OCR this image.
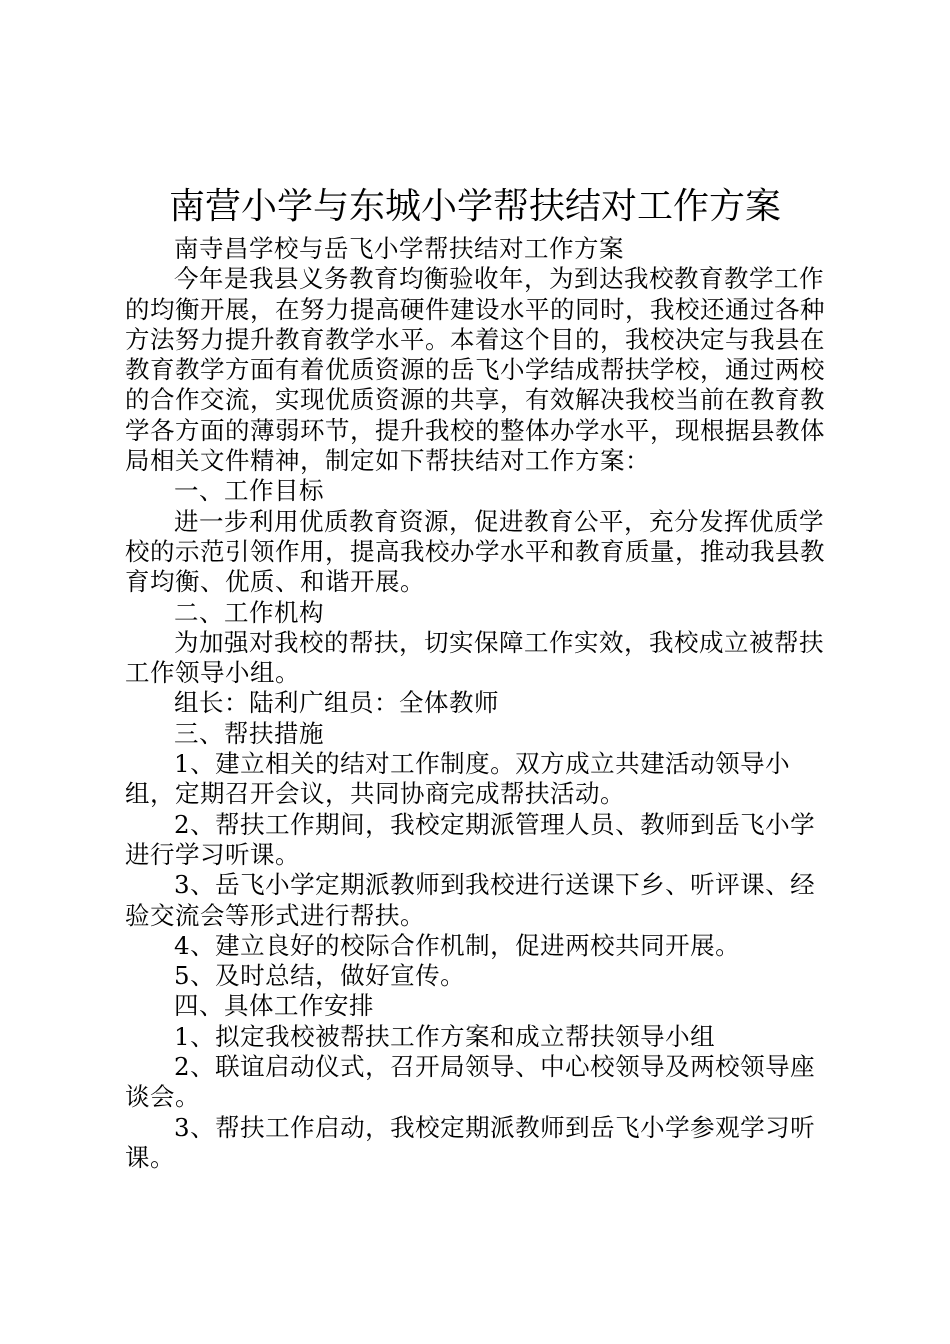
南营小学与东城小学帮扶结对工作方案

南寺昌学校与岳飞小学帮扶结对工作方案

今年是我县义务教育均衡验收年，为到达我校教育教学工作的均衡开展，在努力提高硬件建设水平的同时，我校还通过各种方法努力提升教育教学水平。本着这个目的，我校决定与我县在教育教学方面有着优质资源的岳飞小学结成帮扶学校，通过两校的合作交流，实现优质资源的共享，有效解决我校当前在教育教学各方面的薄弱环节，提升我校的整体办学水平，现根据县教体局相关文件精神，制定如下帮扶结对工作方案：

一、工作目标

进一步利用优质教育资源，促进教育公平，充分发挥优质学校的示范引领作用，提高我校办学水平和教育质量，推动我县教育均衡、优质、和谐开展。

二、工作机构

为加强对我校的帮扶，切实保障工作实效，我校成立被帮扶工作领导小组。

组长：陆利广组员：全体教师

三、帮扶措施

1、建立相关的结对工作制度。双方成立共建活动领导小组，定期召开会议，共同协商完成帮扶活动。

2、帮扶工作期间，我校定期派管理人员、教师到岳飞小学进行学习听课。

3、岳飞小学定期派教师到我校进行送课下乡、听评课、经验交流会等形式进行帮扶。

4、建立良好的校际合作机制，促进两校共同开展。

5、及时总结，做好宣传。

四、具体工作安排

1、拟定我校被帮扶工作方案和成立帮扶领导小组

2、联谊启动仪式，召开局领导、中心校领导及两校领导座谈会。

3、帮扶工作启动，我校定期派教师到岳飞小学参观学习听课。
